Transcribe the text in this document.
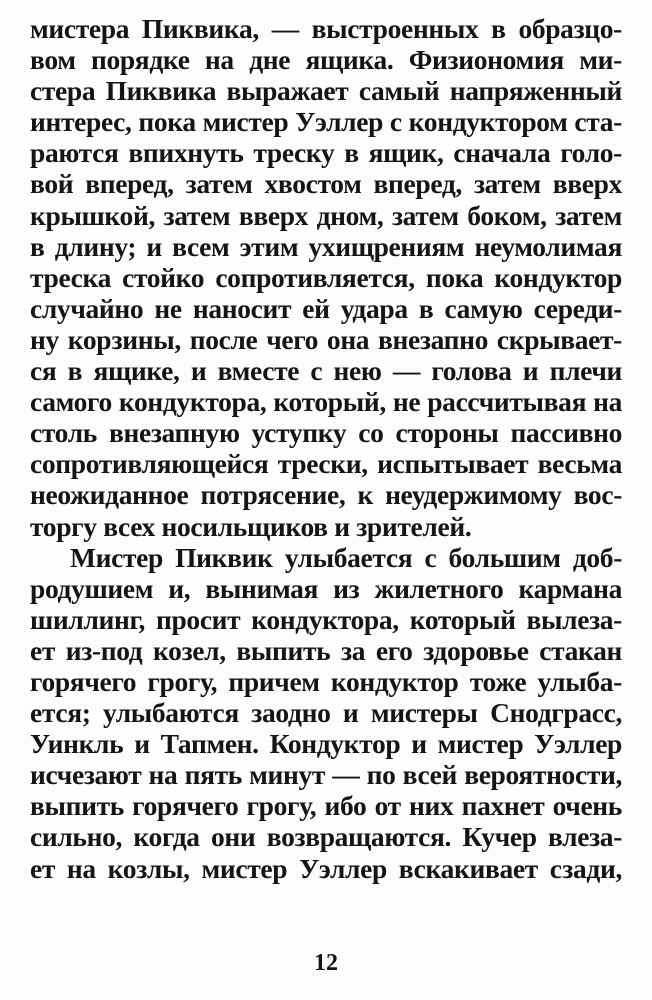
мистера Пиквика, — выстроенных в образцо-
вом порядке на дне ящика. Физиономия ми-
стера Пиквика выражает самый напряженный
интерес, пока мистер Уэллер с кондуктором ста-
раются впихнуть треску в ящик, сначала голо-
вой вперед, затем хвостом вперед, затем вверх
крышкой, затем вверх дном, затем боком, затем
в длину; и всем этим ухищрениям неумолимая
треска стойко сопротивляется, пока кондуктор
случайно не наносит ей удара в самую середи-
ну корзины, после чего она внезапно скрывает-
ся в ящике, и вместе с нею — голова и плечи
самого кондуктора, который, не рассчитывая на
столь внезапную уступку со стороны пассивно
сопротивляющейся трески, испытывает весьма
неожиданное потрясение, к неудержимому вос-
торгу всех носильщиков и зрителей.
Мистер Пиквик улыбается с большим доб-
родушием и, вынимая из жилетного кармана
шиллинг, просит кондуктора, который вылеза-
ет из-под козел, выпить за его здоровье стакан
горячего грогу, причем кондуктор тоже улыба-
ется; улыбаются заодно и мистеры Снодграсс,
Уинкль и Тапмен. Кондуктор и мистер Уэллер
исчезают на пять минут — по всей вероятности,
выпить горячего грогу, ибо от них пахнет очень
сильно, когда они возвращаются. Кучер влеза-
ет на козлы, мистер Уэллер вскакивает сзади,
12
